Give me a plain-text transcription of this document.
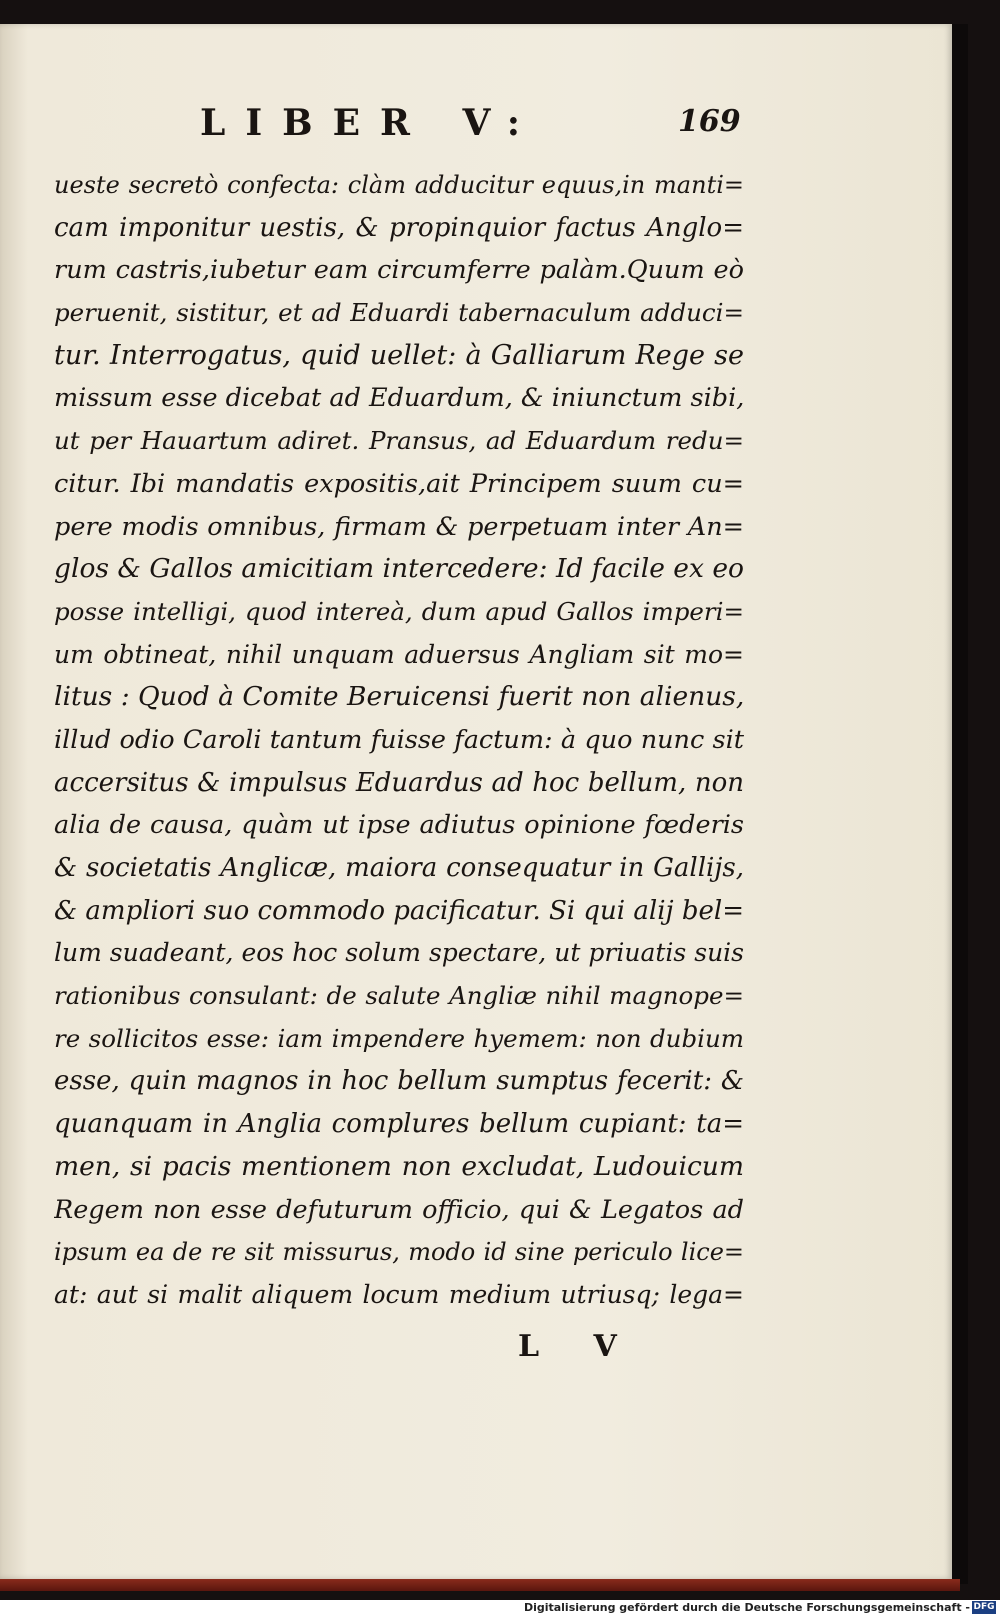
LIBER V:	169
ueste secretò confecta: clàm adducitur equus,in manti=
cam imponitur uestis, & propinquior factus Anglo=
rum castris,iubetur eam circumferre palàm.Quum eò
peruenit, sistitur, et ad Eduardi tabernaculum adduci=
tur. Interrogatus, quid uellet: à Galliarum Rege se
missum esse dicebat ad Eduardum, & iniunctum sibi,
ut per Hauartum adiret. Pransus, ad Eduardum redu=
citur. Ibi mandatis expositis,ait Principem suum cu=
pere modis omnibus, firmam & perpetuam inter An=
glos & Gallos amicitiam intercedere: Id facile ex eo
posse intelligi, quod intereà, dum apud Gallos imperi=
um obtineat, nihil unquam aduersus Angliam sit mo=
litus : Quod à Comite Beruicensi fuerit non alienus,
illud odio Caroli tantum fuisse factum: à quo nunc sit
accersitus & impulsus Eduardus ad hoc bellum, non
alia de causa, quàm ut ipse adiutus opinione fœderis
& societatis Anglicæ, maiora consequatur in Gallijs,
& ampliori suo commodo pacificatur. Si qui alij bel=
lum suadeant, eos hoc solum spectare, ut priuatis suis
rationibus consulant: de salute Angliæ nihil magnope=
re sollicitos esse: iam impendere hyemem: non dubium
esse, quin magnos in hoc bellum sumptus fecerit: &
quanquam in Anglia complures bellum cupiant: ta=
men, si pacis mentionem non excludat, Ludouicum
Regem non esse defuturum officio, qui & Legatos ad
ipsum ea de re sit missurus, modo id sine periculo lice=
at: aut si malit aliquem locum medium utriusq; lega=
L V
Digitalisierung gefördert durch die Deutsche Forschungsgemeinschaft - DFG
